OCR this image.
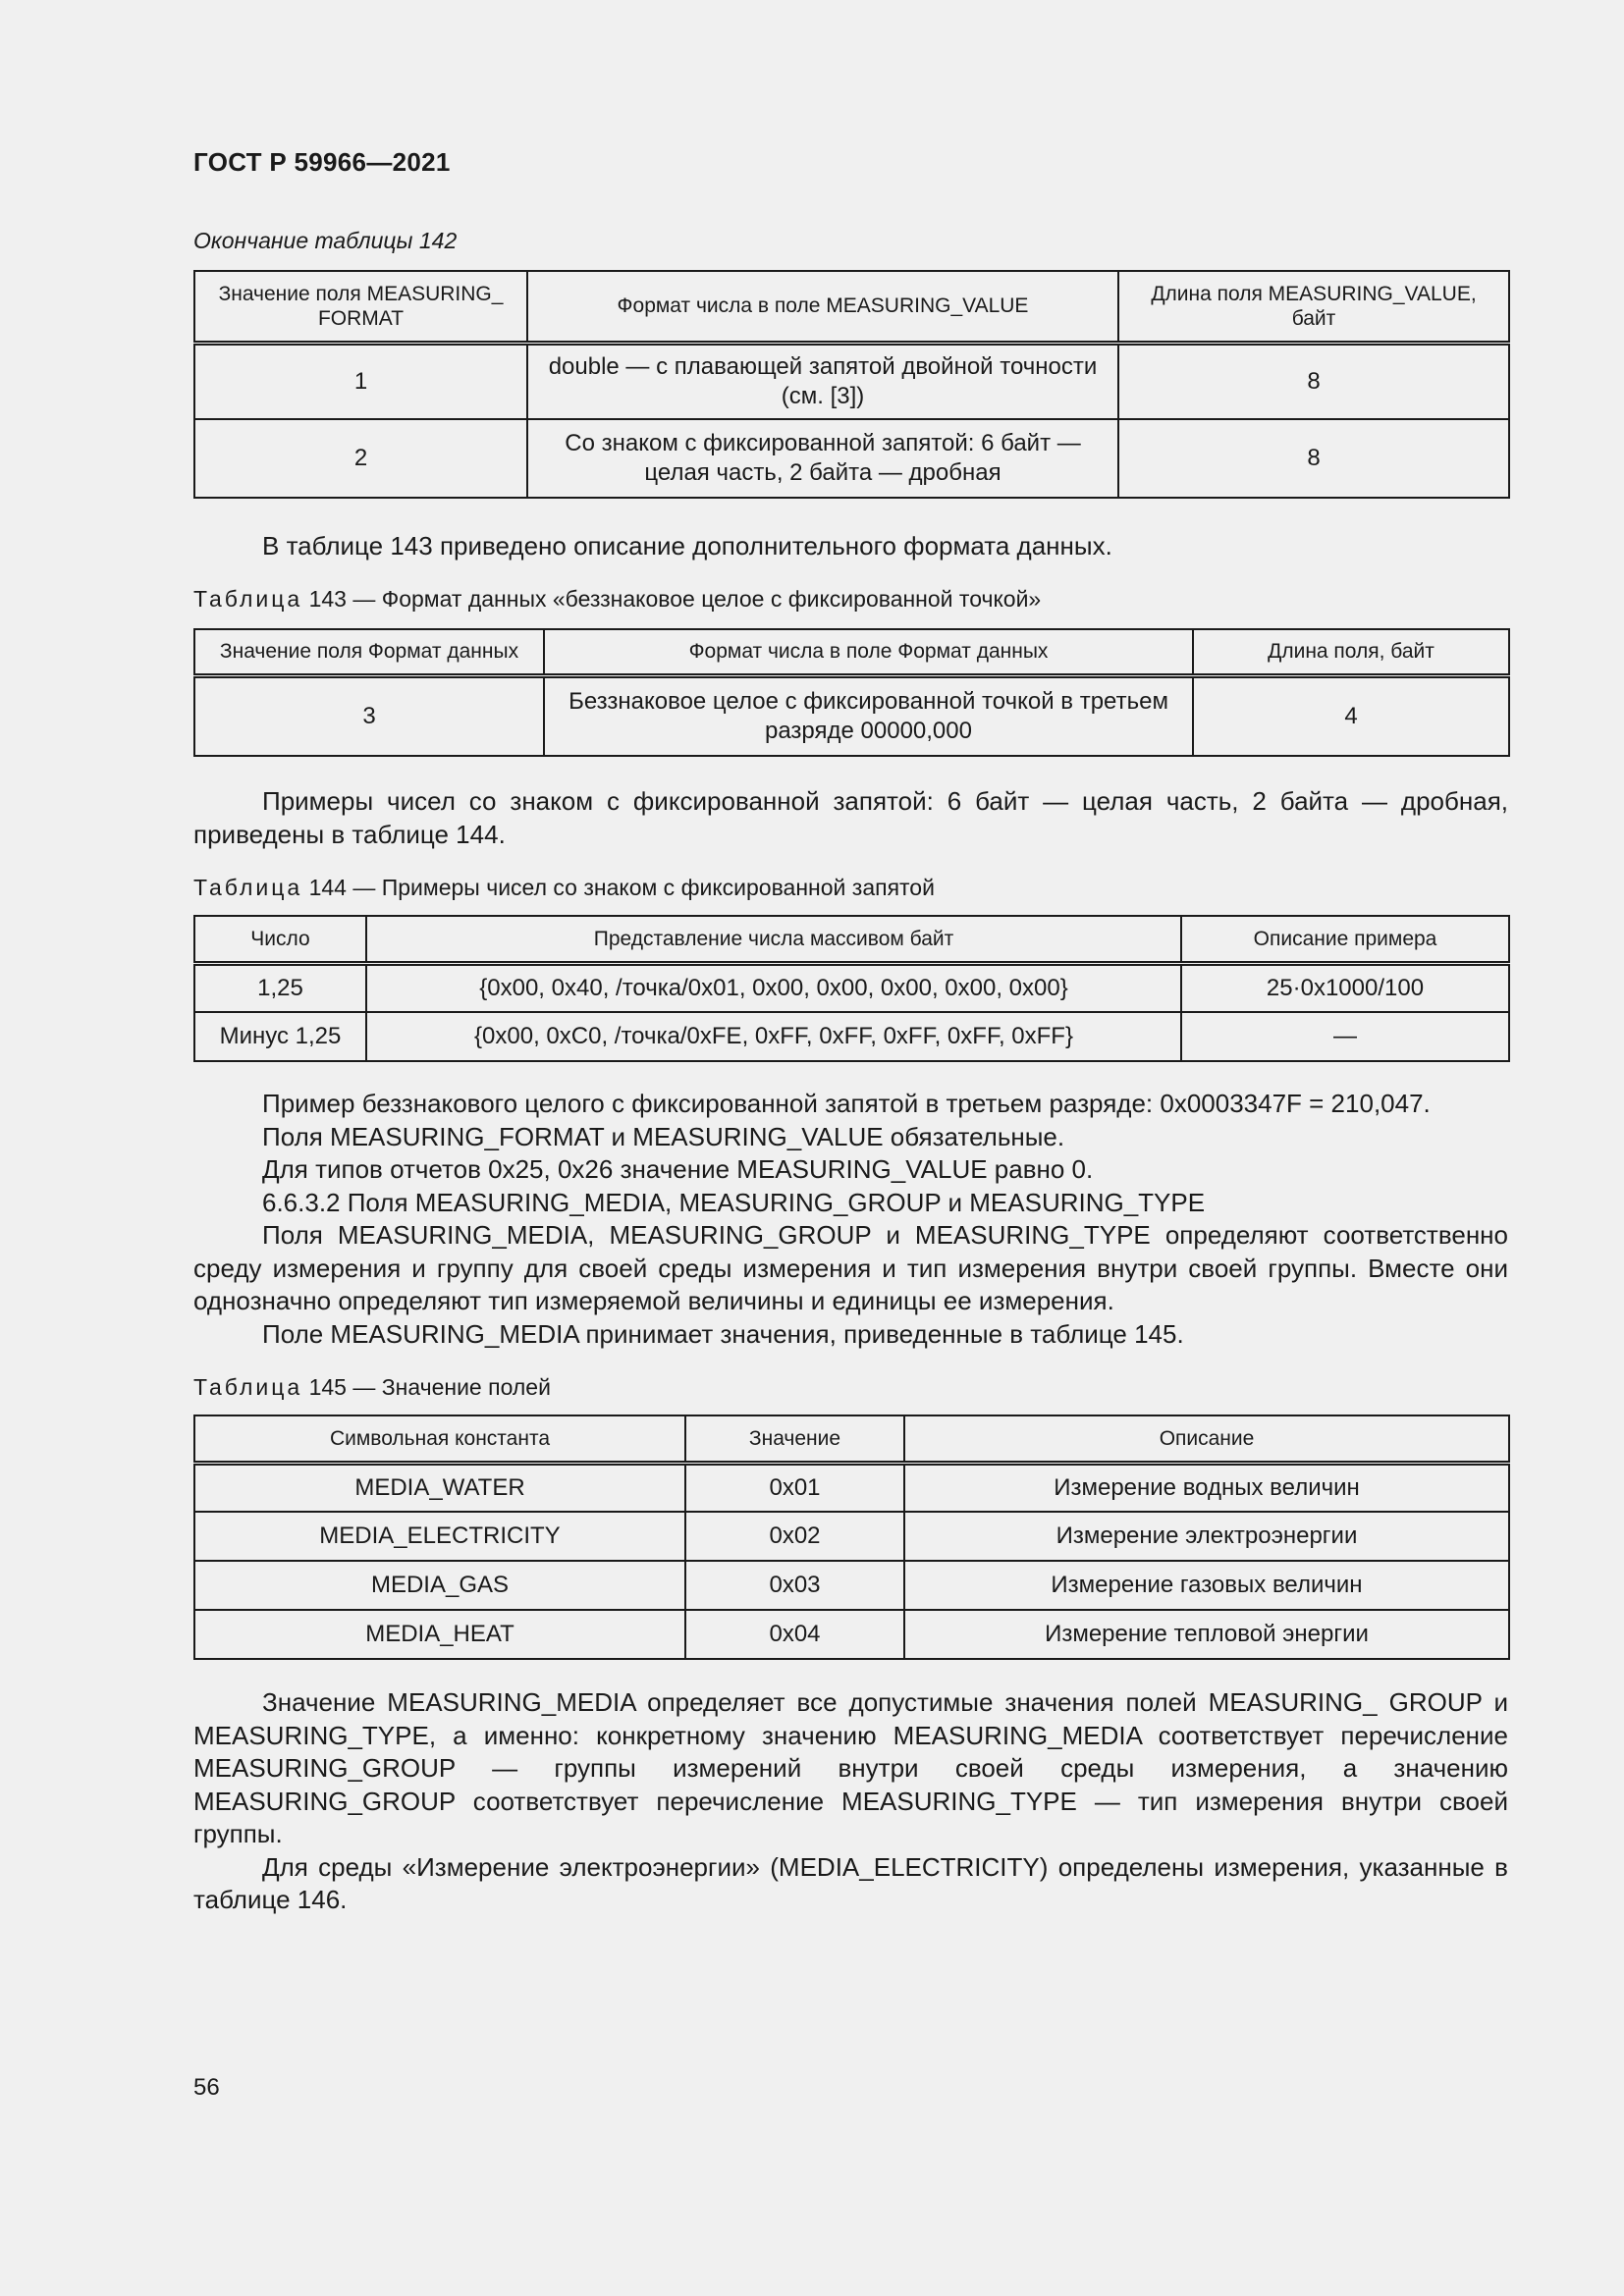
ГОСТ Р 59966—2021
Окончание таблицы 142
Значение поля MEASURING_ FORMAT	Формат числа в поле MEASURING_VALUE	Длина поля MEASURING_VALUE, байт
1	double — с плавающей запятой двойной точности (см. [3])	8
2	Со знаком с фиксированной запятой: 6 байт — целая часть, 2 байта — дробная	8

В таблице 143 приведено описание дополнительного формата данных.

Таблица 143 — Формат данных «беззнаковое целое с фиксированной точкой»
Значение поля Формат данных	Формат числа в поле Формат данных	Длина поля, байт
3	Беззнаковое целое с фиксированной точкой в третьем разряде 00000,000	4

Примеры чисел со знаком с фиксированной запятой: 6 байт — целая часть, 2 байта — дробная, приведены в таблице 144.

Таблица 144 — Примеры чисел со знаком с фиксированной запятой
Число	Представление числа массивом байт	Описание примера
1,25	{0x00, 0x40, /точка/0x01, 0x00, 0x00, 0x00, 0x00, 0x00}	25·0x1000/100
Минус 1,25	{0x00, 0xC0, /точка/0xFE, 0xFF, 0xFF, 0xFF, 0xFF, 0xFF}	—

Пример беззнакового целого с фиксированной запятой в третьем разряде: 0x0003347F = 210,047.

Поля MEASURING_FORMAT и MEASURING_VALUE обязательные.

Для типов отчетов 0x25, 0x26 значение MEASURING_VALUE равно 0.

6.6.3.2 Поля MEASURING_MEDIA, MEASURING_GROUP и MEASURING_TYPE

Поля MEASURING_MEDIA, MEASURING_GROUP и MEASURING_TYPE определяют соответственно среду измерения и группу для своей среды измерения и тип измерения внутри своей группы. Вместе они однозначно определяют тип измеряемой величины и единицы ее измерения.

Поле MEASURING_MEDIA принимает значения, приведенные в таблице 145.

Таблица 145 — Значение полей
Символьная константа	Значение	Описание
MEDIA_WATER	0x01	Измерение водных величин
MEDIA_ELECTRICITY	0x02	Измерение электроэнергии
MEDIA_GAS	0x03	Измерение газовых величин
MEDIA_HEAT	0x04	Измерение тепловой энергии

Значение MEASURING_MEDIA определяет все допустимые значения полей MEASURING_ GROUP и MEASURING_TYPE, а именно: конкретному значению MEASURING_MEDIA соответствует перечисление MEASURING_GROUP — группы измерений внутри своей среды измерения, а значению MEASURING_GROUP соответствует перечисление MEASURING_TYPE — тип измерения внутри своей группы.

Для среды «Измерение электроэнергии» (MEDIA_ELECTRICITY) определены измерения, указанные в таблице 146.

56
